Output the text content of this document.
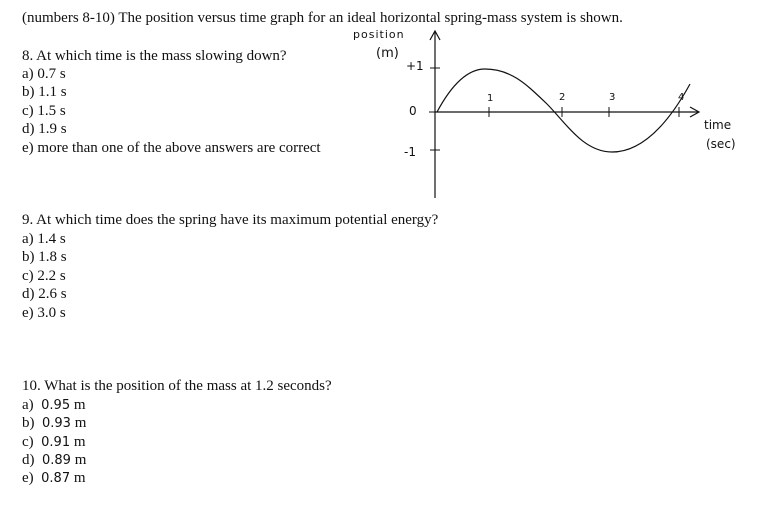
(numbers 8-10) The position versus time graph for an ideal horizontal spring-mass system is shown.
8. At which time is the mass slowing down?
a) 0.7 s
b) 1.1 s
c) 1.5 s
d) 1.9 s
e) more than one of the above answers are correct
position
(m)
+1
0
-1
1	2	3	4
time
(sec)
9. At which time does the spring have its maximum potential energy?
a) 1.4 s
b) 1.8 s
c) 2.2 s
d) 2.6 s
e) 3.0 s
10. What is the position of the mass at 1.2 seconds?
a) 0.95 m
b) 0.93 m
c) 0.91 m
d) 0.89 m
e) 0.87 m
